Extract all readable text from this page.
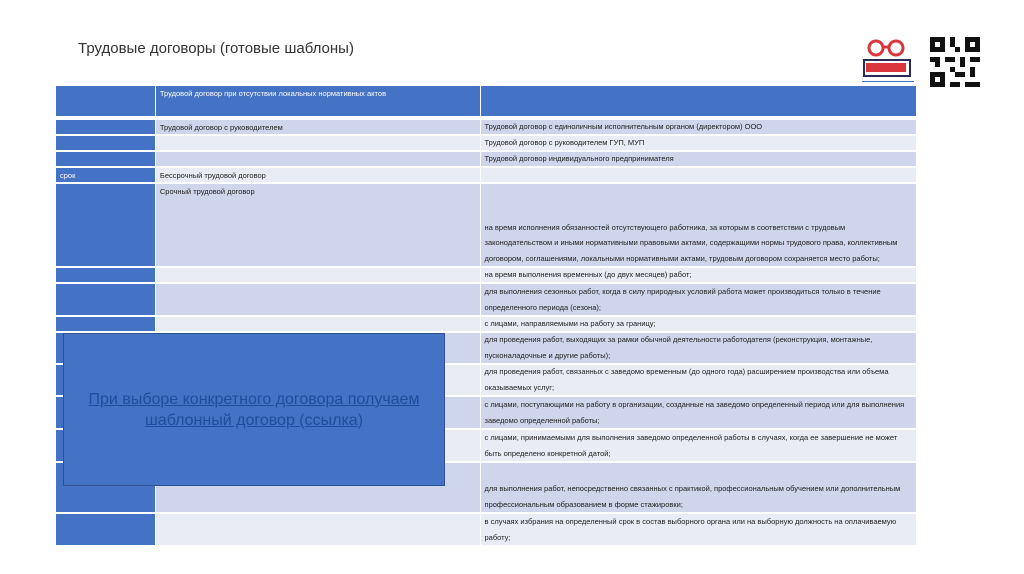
Трудовые договоры (готовые шаблоны)
Трудовой договор при отсутствии локальных нормативных актов
Трудовой договор с руководителем	Трудовой договор с единоличным исполнительным органом (директором) ООО
Трудовой договор с руководителем ГУП, МУП
Трудовой договор индивидуального предпринимателя
срок	Бессрочный трудовой договор
Срочный трудовой договор
на время исполнения обязанностей отсутствующего работника, за которым в соответствии с трудовым законодательством и иными нормативными правовыми актами, содержащими нормы трудового права, коллективным договором, соглашениями, локальными нормативными актами, трудовым договором сохраняется место работы;
на время выполнения временных (до двух месяцев) работ;
для выполнения сезонных работ, когда в силу природных условий работа может производиться только в течение определенного периода (сезона);
с лицами, направляемыми на работу за границу;
для проведения работ, выходящих за рамки обычной деятельности работодателя (реконструкция, монтажные, пусконаладочные и другие работы);
для проведения работ, связанных с заведомо временным (до одного года) расширением производства или объема оказываемых услуг;
с лицами, поступающими на работу в организации, созданные на заведомо определенный период или для выполнения заведомо определенной работы;
с лицами, принимаемыми для выполнения заведомо определенной работы в случаях, когда ее завершение не может быть определено конкретной датой;
для выполнения работ, непосредственно связанных с практикой, профессиональным обучением или дополнительным профессиональным образованием в форме стажировки;
в случаях избрания на определенный срок в состав выборного органа или на выборную должность на оплачиваемую работу;
При выборе конкретного договора получаем шаблонный договор (ссылка)
